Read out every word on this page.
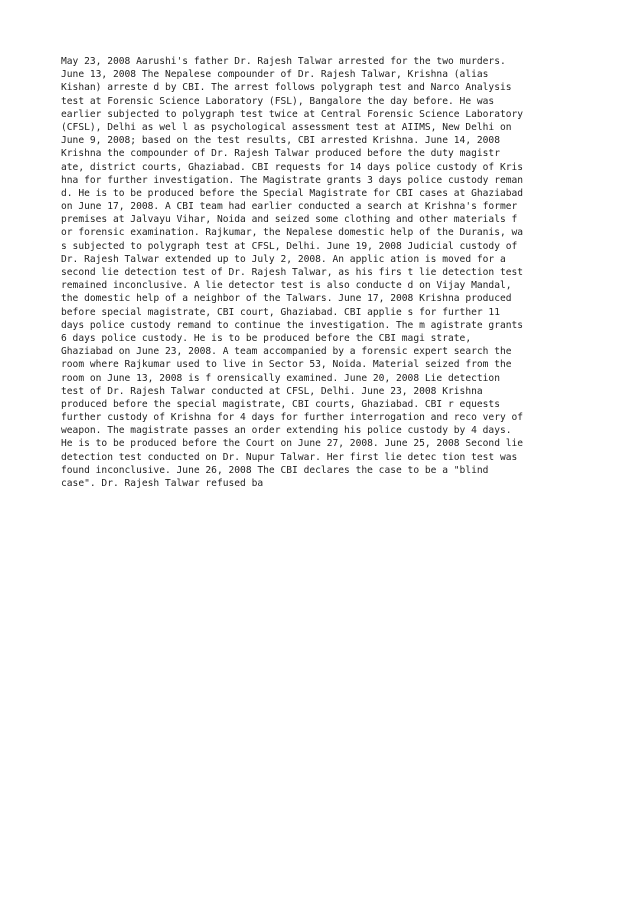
May 23, 2008 Aarushi's father Dr. Rajesh Talwar arrested for the two murders.
June 13, 2008 The Nepalese compounder of Dr. Rajesh Talwar, Krishna (alias
Kishan) arreste d by CBI. The arrest follows polygraph test and Narco Analysis
test at Forensic Science Laboratory (FSL), Bangalore the day before. He was
earlier subjected to polygraph test twice at Central Forensic Science Laboratory
(CFSL), Delhi as wel l as psychological assessment test at AIIMS, New Delhi on
June 9, 2008; based on the test results, CBI arrested Krishna. June 14, 2008
Krishna the compounder of Dr. Rajesh Talwar produced before the duty magistr
ate, district courts, Ghaziabad. CBI requests for 14 days police custody of Kris
hna for further investigation. The Magistrate grants 3 days police custody reman
d. He is to be produced before the Special Magistrate for CBI cases at Ghaziabad
on June 17, 2008. A CBI team had earlier conducted a search at Krishna's former
premises at Jalvayu Vihar, Noida and seized some clothing and other materials f
or forensic examination. Rajkumar, the Nepalese domestic help of the Duranis, wa
s subjected to polygraph test at CFSL, Delhi. June 19, 2008 Judicial custody of
Dr. Rajesh Talwar extended up to July 2, 2008. An applic ation is moved for a
second lie detection test of Dr. Rajesh Talwar, as his firs t lie detection test
remained inconclusive. A lie detector test is also conducte d on Vijay Mandal,
the domestic help of a neighbor of the Talwars. June 17, 2008 Krishna produced
before special magistrate, CBI court, Ghaziabad. CBI applie s for further 11
days police custody remand to continue the investigation. The m agistrate grants
6 days police custody. He is to be produced before the CBI magi strate,
Ghaziabad on June 23, 2008. A team accompanied by a forensic expert search the
room where Rajkumar used to live in Sector 53, Noida. Material seized from the
room on June 13, 2008 is f orensically examined. June 20, 2008 Lie detection
test of Dr. Rajesh Talwar conducted at CFSL, Delhi. June 23, 2008 Krishna
produced before the special magistrate, CBI courts, Ghaziabad. CBI r equests
further custody of Krishna for 4 days for further interrogation and reco very of
weapon. The magistrate passes an order extending his police custody by 4 days.
He is to be produced before the Court on June 27, 2008. June 25, 2008 Second lie
detection test conducted on Dr. Nupur Talwar. Her first lie detec tion test was
found inconclusive. June 26, 2008 The CBI declares the case to be a "blind
case". Dr. Rajesh Talwar refused ba
